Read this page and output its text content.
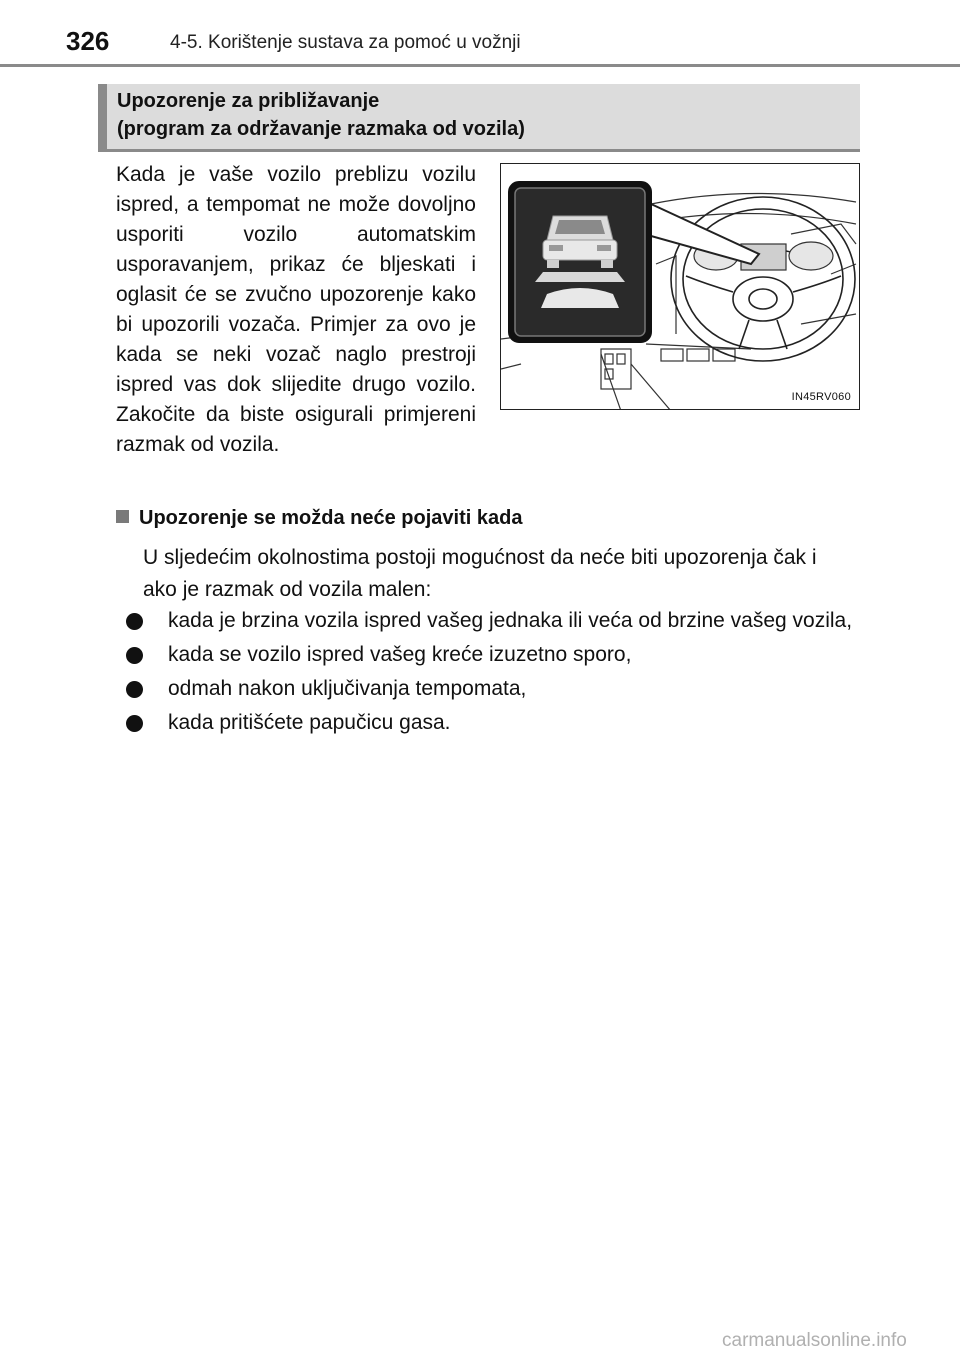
326	4-5. Korištenje sustava za pomoć u vožnji
Upozorenje za približavanje
(program za održavanje razmaka od vozila)

Kada je vaše vozilo preblizu vozilu ispred, a tempomat ne može dovoljno usporiti vozilo automatskim usporavanjem, prikaz će bljeskati i oglasit će se zvučno upozorenje kako bi upozorili vozača. Primjer za ovo je kada se neki vozač naglo prestroji ispred vas dok slijedite drugo vozilo. Zakočite da biste osigurali primjereni razmak od vozila.

IN45RV060
Upozorenje se možda neće pojaviti kada

U sljedećim okolnostima postoji mogućnost da neće biti upozorenja čak i ako je razmak od vozila malen:

kada je brzina vozila ispred vašeg jednaka ili veća od brzine vašeg vozila,
kada se vozilo ispred vašeg kreće izuzetno sporo,
odmah nakon uključivanja tempomata,
kada pritišćete papučicu gasa.
carmanualsonline.info
